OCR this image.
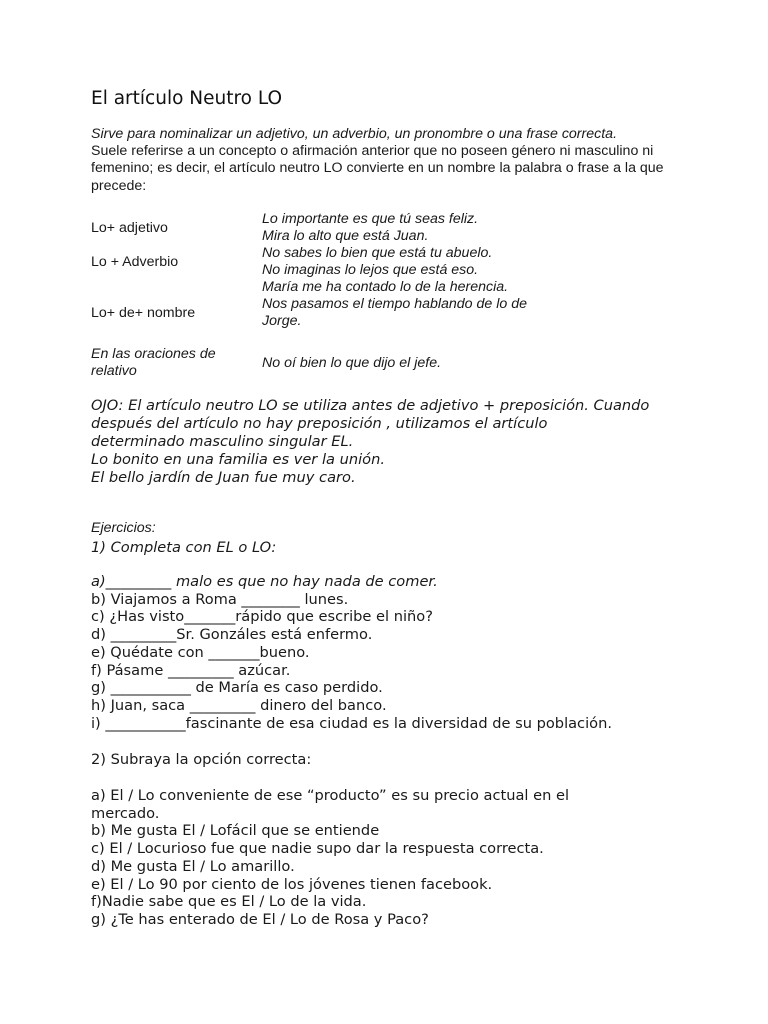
El artículo Neutro LO
Sirve para nominalizar un adjetivo, un adverbio, un pronombre o una frase correcta.
Suele referirse a un concepto o afirmación anterior que no poseen género ni masculino ni femenino; es decir, el artículo neutro LO convierte en un nombre la palabra o frase a la que precede:
Lo+ adjetivo
Lo + Adverbio
Lo+ de+ nombre
En las oraciones de
relativo
Lo importante es que tú seas feliz.
Mira lo alto que está Juan.
No sabes lo bien que está tu abuelo.
No imaginas lo lejos que está eso.
María me ha contado lo de la herencia.
Nos pasamos el tiempo hablando de lo de
Jorge.
No oí bien lo que dijo el jefe.
OJO: El artículo neutro LO se utiliza antes de adjetivo + preposición. Cuando
después del artículo no hay preposición , utilizamos el artículo
determinado masculino singular EL.
Lo bonito en una familia es ver la unión.
El bello jardín de Juan fue muy caro.
Ejercicios:
1) Completa con EL o LO:
a)_________ malo es que no hay nada de comer.
b) Viajamos a Roma ________ lunes.
c) ¿Has visto_______rápido que escribe el niño?
d) _________Sr. Gonzáles está enfermo.
e) Quédate con _______bueno.
f) Pásame _________ azúcar.
g) ___________ de María es caso perdido.
h) Juan, saca _________ dinero del banco.
i) ___________fascinante de esa ciudad es la diversidad de su población.
2) Subraya la opción correcta:
a) El / Lo conveniente de ese “producto” es su precio actual en el
mercado.
b) Me gusta El / Lofácil que se entiende
c) El / Locurioso fue que nadie supo dar la respuesta correcta.
d) Me gusta El / Lo amarillo.
e) El / Lo 90 por ciento de los jóvenes tienen facebook.
f)Nadie sabe que es El / Lo de la vida.
g) ¿Te has enterado de El / Lo de Rosa y Paco?
